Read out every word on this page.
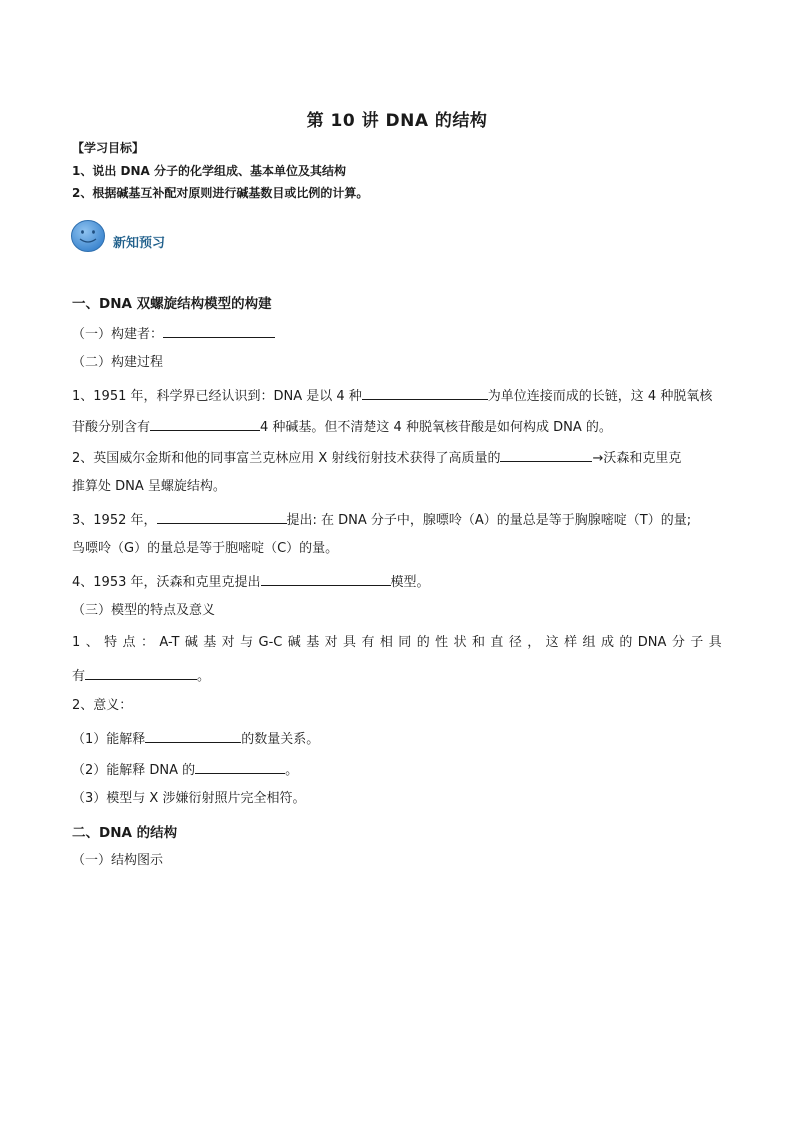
第 10 讲 DNA 的结构
【学习目标】
1、说出 DNA 分子的化学组成、基本单位及其结构
2、根据碱基互补配对原则进行碱基数目或比例的计算。
新知预习
一、DNA 双螺旋结构模型的构建
（一）构建者：
（二）构建过程
1、1951 年，科学界已经认识到：DNA 是以 4 种	为单位连接而成的长链，这 4 种脱氧核
苷酸分别含有	4 种碱基。但不清楚这 4 种脱氧核苷酸是如何构成 DNA 的。
2、英国威尔金斯和他的同事富兰克林应用 X 射线衍射技术获得了高质量的	→沃森和克里克
推算处 DNA 呈螺旋结构。
3、1952 年，	提出: 在 DNA 分子中，腺嘌呤（A）的量总是等于胸腺嘧啶（T）的量;
鸟嘌呤（G）的量总是等于胞嘧啶（C）的量。
4、1953 年，沃森和克里克提出	模型。
（三）模型的特点及意义
1 、 特 点 ： A-T 碱 基 对 与 G-C 碱 基 对 具 有 相 同 的 性 状 和 直 径 ， 这 样 组 成 的 DNA 分 子 具
有	。
2、意义：
（1）能解释	的数量关系。
（2）能解释 DNA 的	。
（3）模型与 X 涉嫌衍射照片完全相符。
二、DNA 的结构
（一）结构图示
